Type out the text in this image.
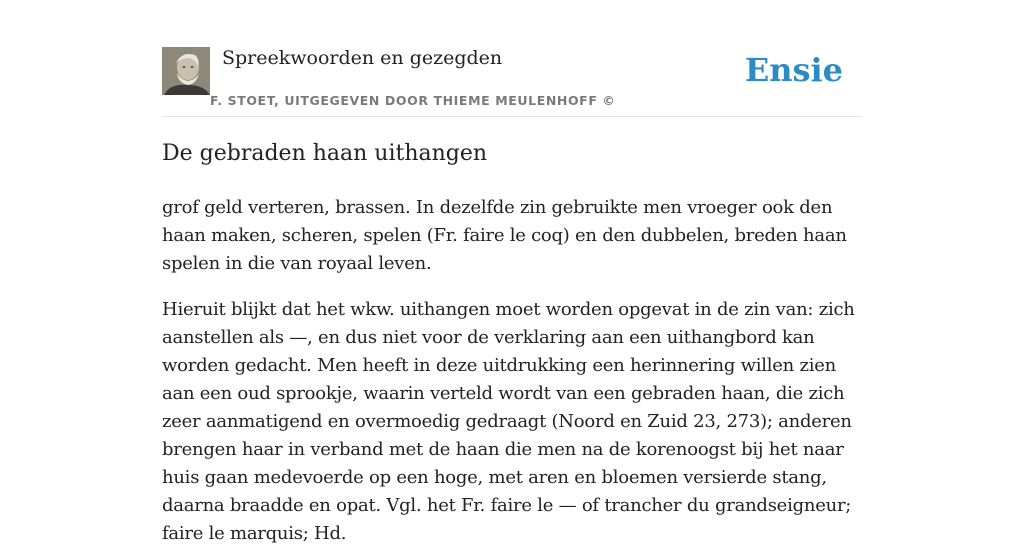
Spreekwoorden en gezegden
F. STOET, UITGEGEVEN DOOR THIEME MEULENHOFF ©
Ensie
De gebraden haan uithangen

grof geld verteren, brassen. In dezelfde zin gebruikte men vroeger ook den haan maken, scheren, spelen (Fr. faire le coq) en den dubbelen, breden haan spelen in die van royaal leven.

Hieruit blijkt dat het wkw. uithangen moet worden opgevat in de zin van: zich aanstellen als —, en dus niet voor de verklaring aan een uithangbord kan worden gedacht. Men heeft in deze uitdrukking een herinnering willen zien aan een oud sprookje, waarin verteld wordt van een gebraden haan, die zich zeer aanmatigend en overmoedig gedraagt (Noord en Zuid 23, 273); anderen brengen haar in verband met de haan die men na de korenoogst bij het naar huis gaan medevoerde op een hoge, met aren en bloemen versierde stang, daarna braadde en opat. Vgl. het Fr. faire le — of trancher du grandseigneur; faire le marquis; Hd.
